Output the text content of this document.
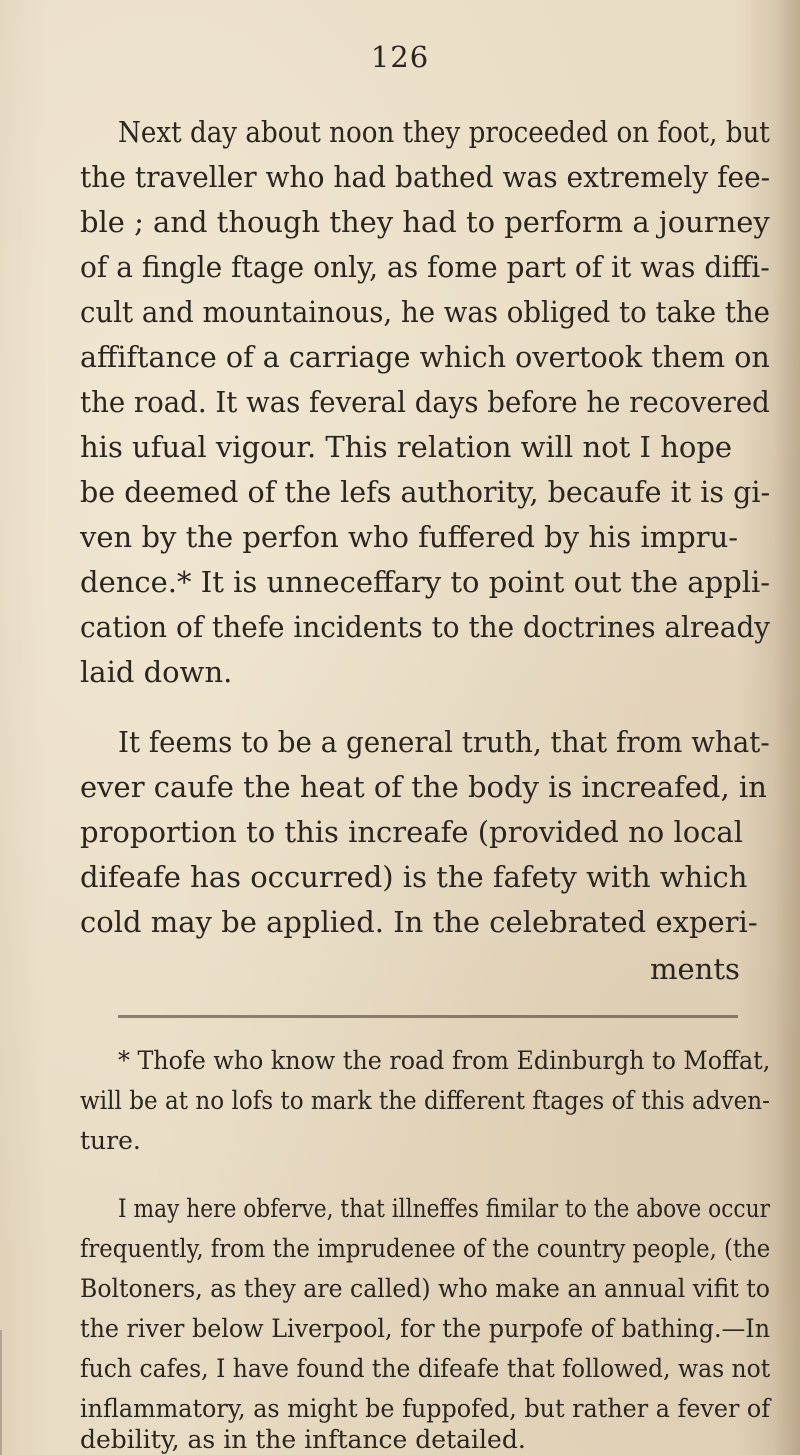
126
Next day about noon they proceeded on foot, but
the traveller who had bathed was extremely fee-
ble ; and though they had to perform a journey
of a fingle ftage only, as fome part of it was diffi-
cult and mountainous, he was obliged to take the
affiftance of a carriage which overtook them on
the road. It was feveral days before he recovered
his ufual vigour. This relation will not I hope
be deemed of the lefs authority, becaufe it is gi-
ven by the perfon who fuffered by his impru-
dence.* It is unneceffary to point out the appli-
cation of thefe incidents to the doctrines already
laid down.
It feems to be a general truth, that from what-
ever caufe the heat of the body is increafed, in
proportion to this increafe (provided no local
difeafe has occurred) is the fafety with which
cold may be applied. In the celebrated experi-
ments
* Thofe who know the road from Edinburgh to Moffat,
will be at no lofs to mark the different ftages of this adven-
ture.
I may here obferve, that illneffes fimilar to the above occur
frequently, from the imprudenee of the country people, (the
Boltoners, as they are called) who make an annual vifit to
the river below Liverpool, for the purpofe of bathing.—In
fuch cafes, I have found the difeafe that followed, was not
inflammatory, as might be fuppofed, but rather a fever of
debility, as in the inftance detailed.
